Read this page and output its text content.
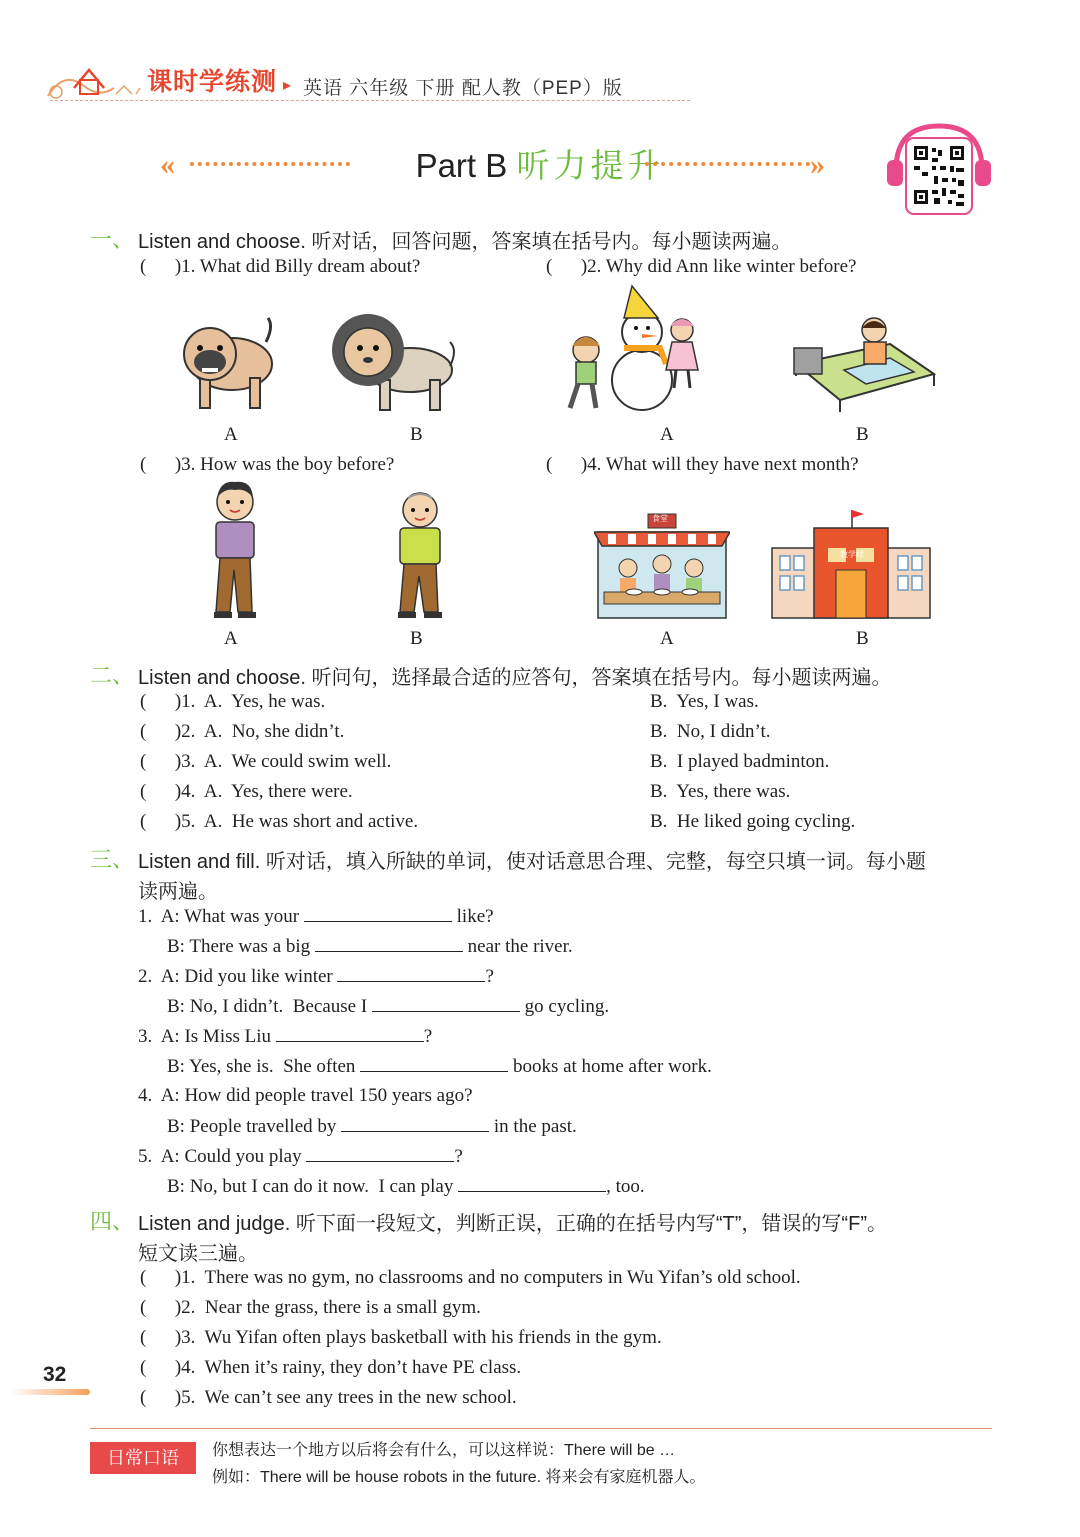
课时学练测 ▸ 英语 六年级 下册 配人教（PEP）版
«	Part B 听力提升	»
一、 Listen and choose. 听对话，回答问题，答案填在括号内。每小题读两遍。
(      )1. What did Billy dream about?	(      )2. Why did Ann like winter before?
A	B	A	B
(      )3. How was the boy before?	(      )4. What will they have next month?
A	B
食堂
教学楼
A	B
二、 Listen and choose. 听问句，选择最合适的应答句，答案填在括号内。每小题读两遍。
(      )1.  A.  Yes, he was.	B.  Yes, I was.
(      )2.  A.  No, she didn’t.	B.  No, I didn’t.
(      )3.  A.  We could swim well.	B.  I played badminton.
(      )4.  A.  Yes, there were.	B.  Yes, there was.
(      )5.  A.  He was short and active.	B.  He liked going cycling.
三、 Listen and fill. 听对话，填入所缺的单词，使对话意思合理、完整，每空只填一词。每小题
读两遍。
1.  A: What was your	like?
B: There was a big	near the river.
2.  A: Did you like winter	?
B: No, I didn’t.  Because I	go cycling.
3.  A: Is Miss Liu	?
B: Yes, she is.  She often	books at home after work.
4.  A: How did people travel 150 years ago?
B: People travelled by	in the past.
5.  A: Could you play	?
B: No, but I can do it now.  I can play	, too.
四、 Listen and judge. 听下面一段短文，判断正误，正确的在括号内写“T”，错误的写“F”。
短文读三遍。
(      )1.  There was no gym, no classrooms and no computers in Wu Yifan’s old school.
(      )2.  Near the grass, there is a small gym.
(      )3.  Wu Yifan often plays basketball with his friends in the gym.
(      )4.  When it’s rainy, they don’t have PE class.
(      )5.  We can’t see any trees in the new school.
32
日常口语	你想表达一个地方以后将会有什么，可以这样说：There will be …
例如：There will be house robots in the future. 将来会有家庭机器人。
